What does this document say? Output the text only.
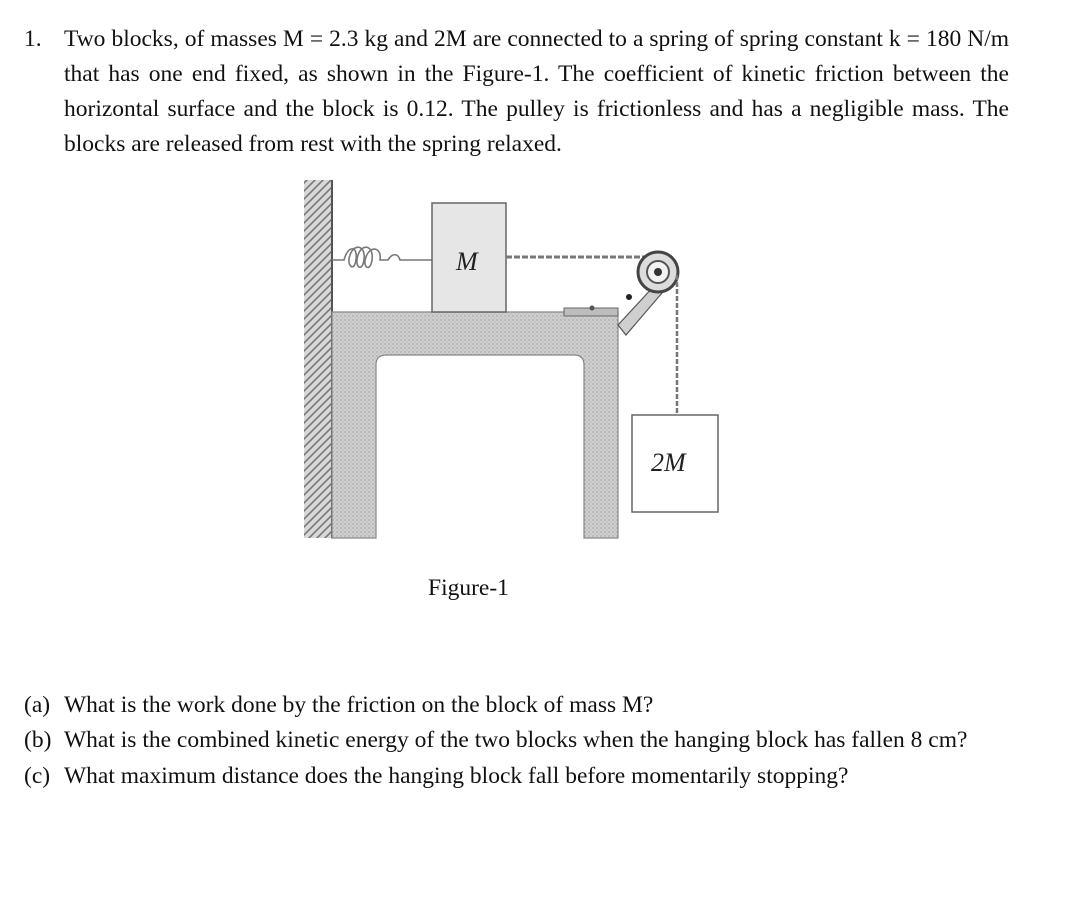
1. Two blocks, of masses M = 2.3 kg and 2M are connected to a spring of spring constant k = 180 N/m that has one end fixed, as shown in the Figure-1. The coefficient of kinetic friction between the horizontal surface and the block is 0.12. The pulley is frictionless and has a negligible mass. The blocks are released from rest with the spring relaxed.
M
2M
Figure-1
(a) What is the work done by the friction on the block of mass M?
(b) What is the combined kinetic energy of the two blocks when the hanging block has fallen 8 cm?
(c) What maximum distance does the hanging block fall before momentarily stopping?
